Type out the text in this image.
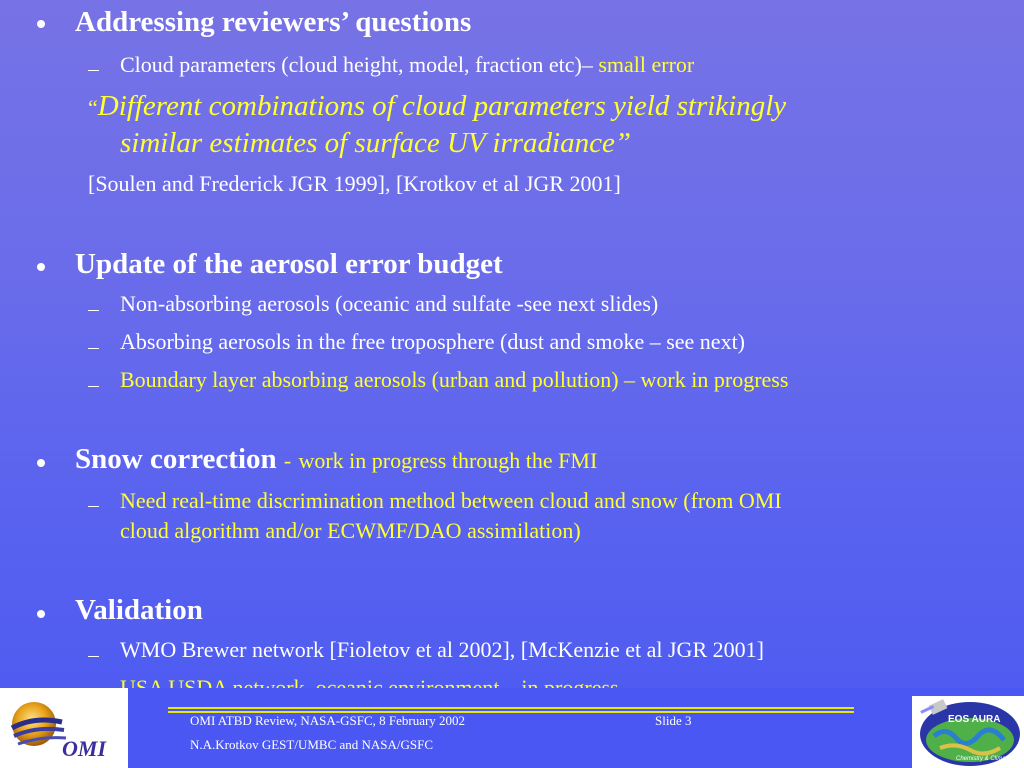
Addressing reviewers’ questions
Cloud parameters (cloud height, model, fraction etc)– small error
“Different combinations of cloud parameters yield strikingly
similar estimates of surface UV irradiance”
[Soulen and Frederick JGR 1999], [Krotkov et al JGR 2001]
Update of the aerosol error budget
Non-absorbing aerosols (oceanic and sulfate -see next slides)
Absorbing aerosols in the free troposphere (dust and smoke – see next)
Boundary layer absorbing aerosols (urban and pollution) – work in progress
Snow correction - work in progress through the FMI
Need real-time discrimination method between cloud and snow (from OMI
cloud algorithm and/or ECWMF/DAO assimilation)
Validation
WMO Brewer network [Fioletov et al 2002], [McKenzie et al JGR 2001]
OMI
OMI ATBD Review, NASA-GSFC, 8 February 2002	Slide 3
N.A.Krotkov GEST/UMBC and NASA/GSFC
EOS AURA
Chemistry & Climate
